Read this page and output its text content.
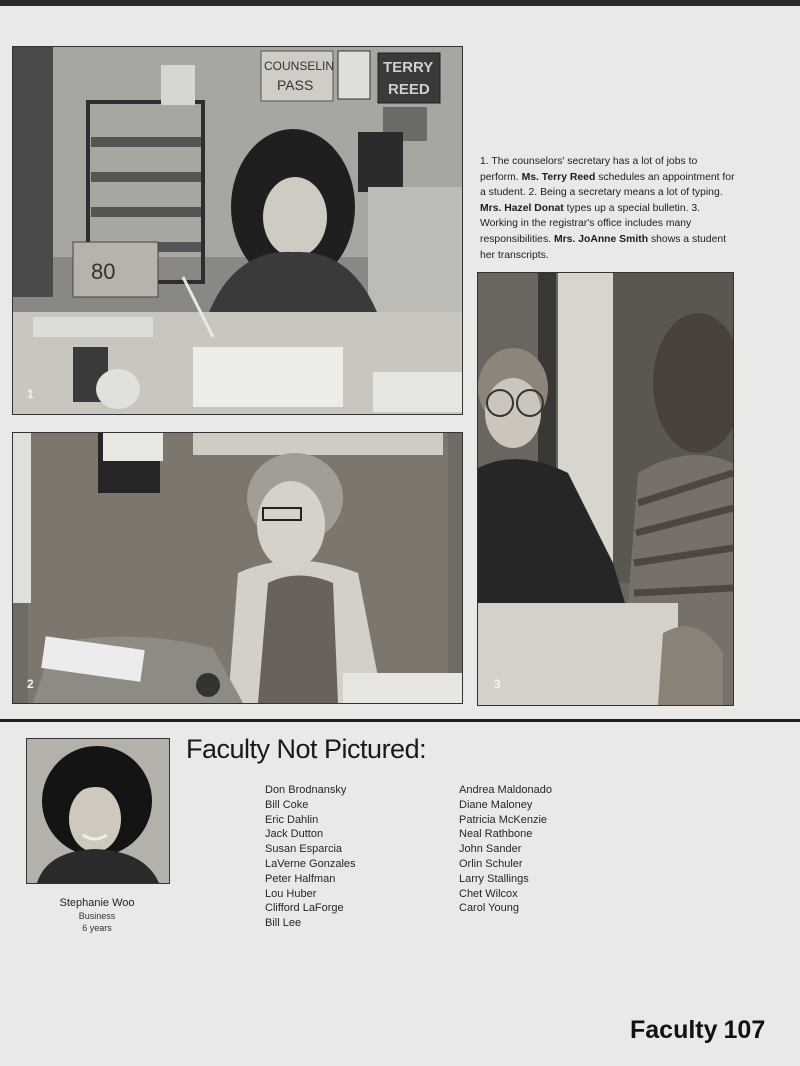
COUNSELIN
PASS
TERRY
REED
80
1
2	3
1. The counselors' secretary has a lot of jobs to perform. Ms. Terry Reed schedules an appointment for a student. 2. Being a secretary means a lot of typing. Mrs. Hazel Donat types up a special bulletin. 3. Working in the registrar's office includes many responsibilities. Mrs. JoAnne Smith shows a student her transcripts.
Stephanie Woo
Business
6 years
Faculty Not Pictured:
Don Brodnansky
Bill Coke
Eric Dahlin
Jack Dutton
Susan Esparcia
LaVerne Gonzales
Peter Halfman
Lou Huber
Clifford LaForge
Bill Lee
Andrea Maldonado
Diane Maloney
Patricia McKenzie
Neal Rathbone
John Sander
Orlin Schuler
Larry Stallings
Chet Wilcox
Carol Young
Faculty 107
